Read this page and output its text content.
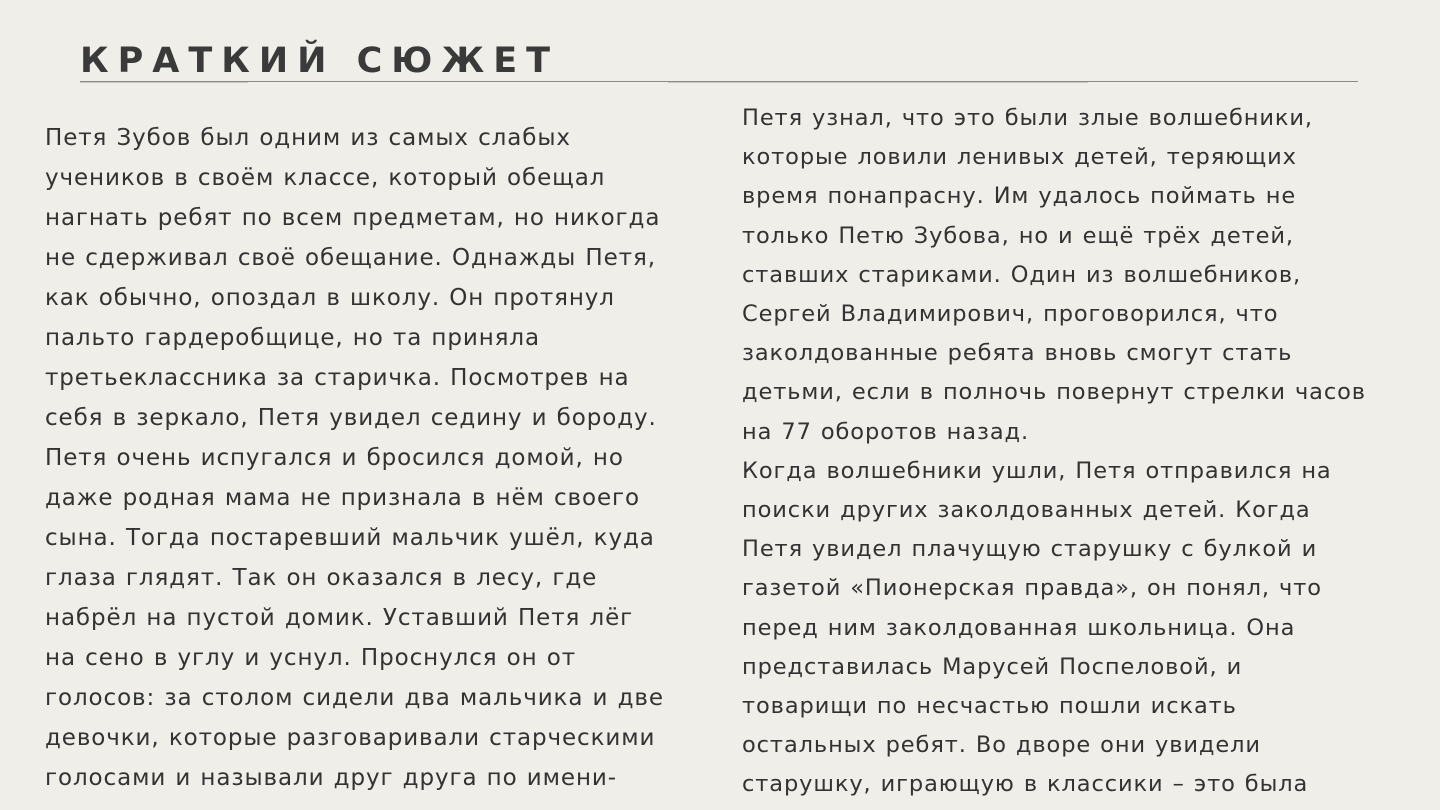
КРАТКИЙ СЮЖЕТ

Петя Зубов был одним из самых слабых
учеников в своём классе, который обещал
нагнать ребят по всем предметам, но никогда
не сдерживал своё обещание. Однажды Петя,
как обычно, опоздал в школу. Он протянул
пальто гардеробщице, но та приняла
третьеклассника за старичка. Посмотрев на
себя в зеркало, Петя увидел седину и бороду.
Петя очень испугался и бросился домой, но
даже родная мама не признала в нём своего
сына. Тогда постаревший мальчик ушёл, куда
глаза глядят. Так он оказался в лесу, где
набрёл на пустой домик. Уставший Петя лёг
на сено в углу и уснул. Проснулся он от
голосов: за столом сидели два мальчика и две
девочки, которые разговаривали старческими
голосами и называли друг друга по имени-

Петя узнал, что это были злые волшебники,
которые ловили ленивых детей, теряющих
время понапрасну. Им удалось поймать не
только Петю Зубова, но и ещё трёх детей,
ставших стариками. Один из волшебников,
Сергей Владимирович, проговорился, что
заколдованные ребята вновь смогут стать
детьми, если в полночь повернут стрелки часов
на 77 оборотов назад.
Когда волшебники ушли, Петя отправился на
поиски других заколдованных детей. Когда
Петя увидел плачущую старушку с булкой и
газетой «Пионерская правда», он понял, что
перед ним заколдованная школьница. Она
представилась Марусей Поспеловой, и
товарищи по несчастью пошли искать
остальных ребят. Во дворе они увидели
старушку, играющую в классики – это была
